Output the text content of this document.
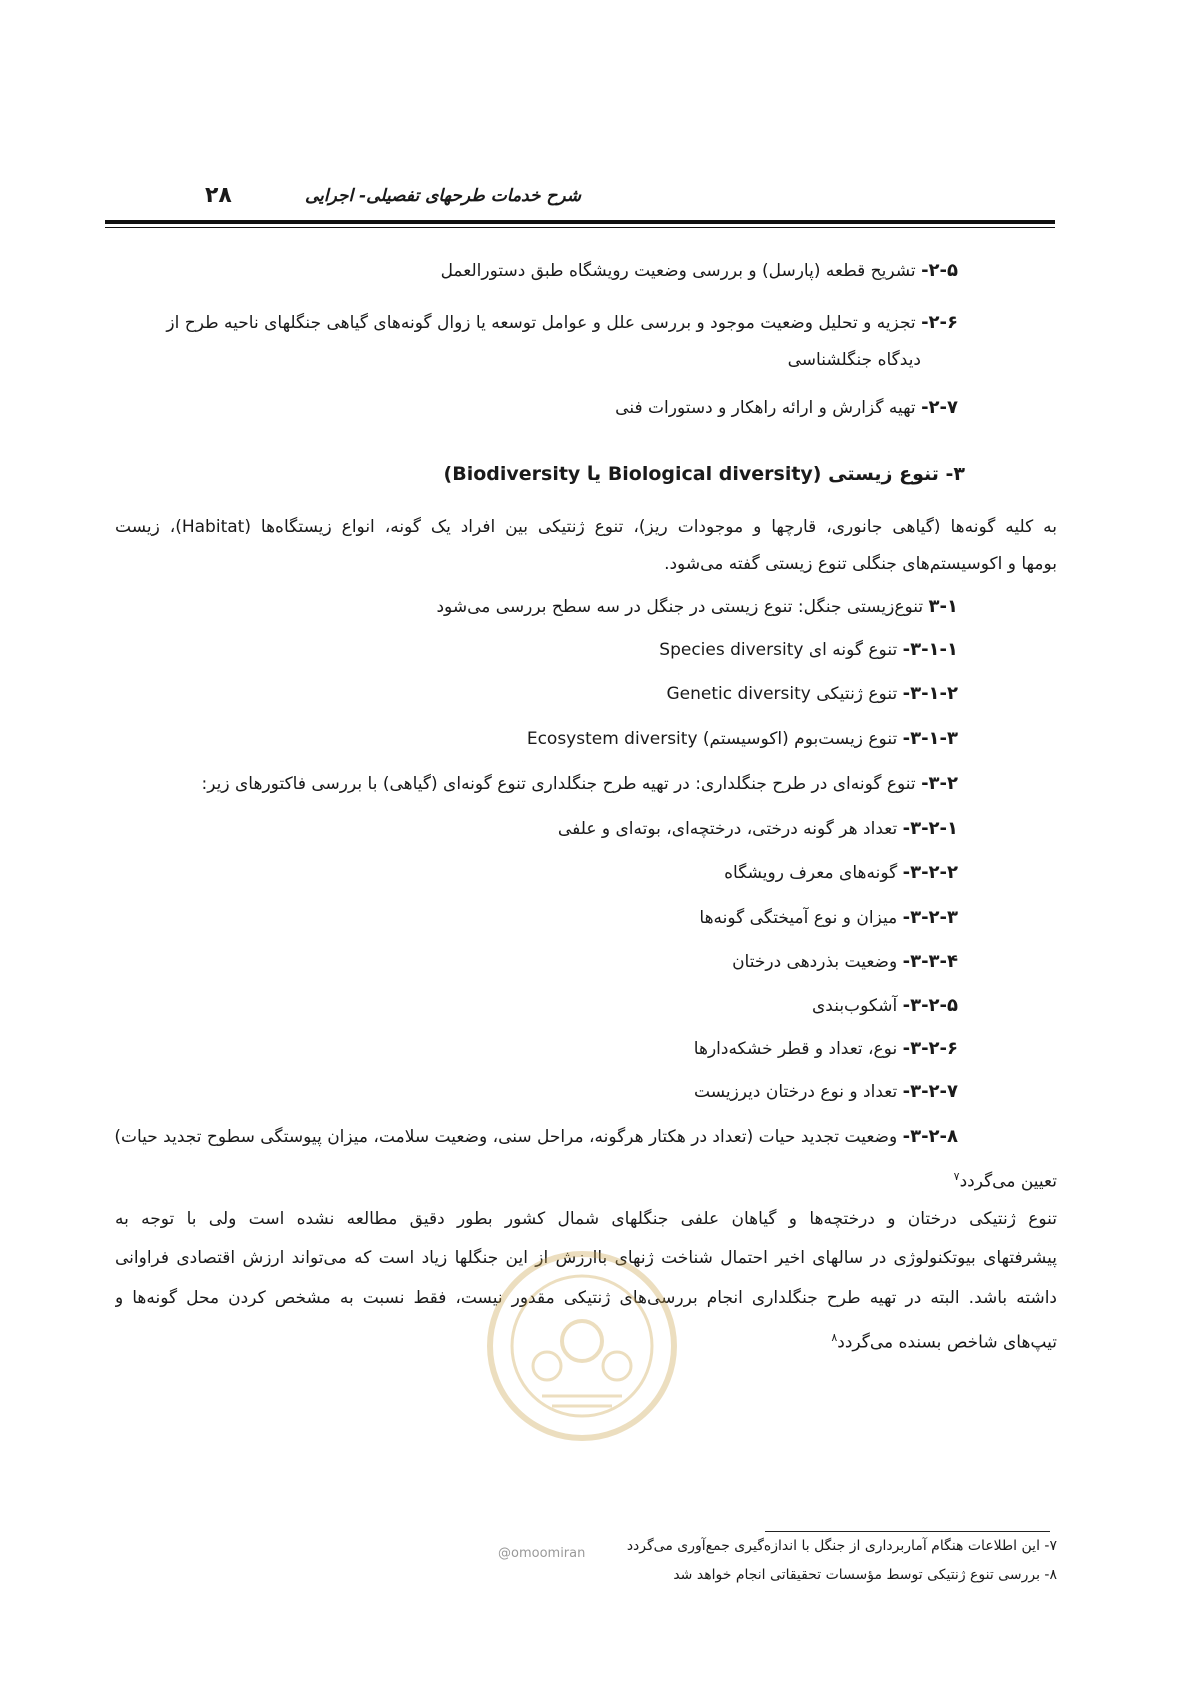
۲۸	شرح خدمات طرحهای تفصیلی- اجرایی
۲-۵- تشریح قطعه (پارسل) و بررسی وضعیت رویشگاه طبق دستورالعمل
۲-۶- تجزیه و تحلیل وضعیت موجود و بررسی علل و عوامل توسعه یا زوال گونه‌های گیاهی جنگلهای ناحیه طرح از
دیدگاه جنگلشناسی
۲-۷- تهیه گزارش و ارائه راهکار و دستورات فنی
۳- تنوع زیستی (Biological diversity یا Biodiversity)
به کلیه گونه‌ها (گیاهی جانوری، قارچها و موجودات ریز)، تنوع ژنتیکی بین افراد یک گونه، انواع زیستگاه‌ها (Habitat)، زیست
بومها و اکوسیستم‌های جنگلی تنوع زیستی گفته می‌شود.
۳-۱ تنوع‌زیستی جنگل: تنوع زیستی در جنگل در سه سطح بررسی می‌شود
۳-۱-۱- تنوع گونه ای Species diversity
۳-۱-۲- تنوع ژنتیکی Genetic diversity
۳-۱-۳- تنوع زیست‌بوم (اکوسیستم) Ecosystem diversity
۳-۲- تنوع گونه‌ای در طرح جنگلداری: در تهیه طرح جنگلداری تنوع گونه‌ای (گیاهی) با بررسی فاکتورهای زیر:
۳-۲-۱- تعداد هر گونه درختی، درختچه‌ای، بوته‌ای و علفی
۳-۲-۲- گونه‌های معرف رویشگاه
۳-۲-۳- میزان و نوع آمیختگی گونه‌ها
۳-۳-۴- وضعیت بذردهی درختان
۳-۲-۵- آشکوب‌بندی
۳-۲-۶- نوع، تعداد و قطر خشکه‌دارها
۳-۲-۷- تعداد و نوع درختان دیرزیست
۳-۲-۸- وضعیت تجدید حیات (تعداد در هکتار هرگونه، مراحل سنی، وضعیت سلامت، میزان پیوستگی سطوح تجدید حیات)
تعیین می‌گردد$^۷$
تنوع ژنتیکی درختان و درختچه‌ها و گیاهان علفی جنگلهای شمال کشور بطور دقیق مطالعه نشده است ولی با توجه به
پیشرفتهای بیوتکنولوژی در سالهای اخیر احتمال شناخت ژنهای باارزش از این جنگلها زیاد است که می‌تواند ارزش اقتصادی فراوانی
داشته باشد. البته در تهیه طرح جنگلداری انجام بررسی‌های ژنتیکی مقدور نیست، فقط نسبت به مشخص کردن محل گونه‌ها و
تیپ‌های شاخص بسنده می‌گردد$^۸$
۷- این اطلاعات هنگام آماربرداری از جنگل با اندازه‌گیری جمع‌آوری می‌گردد
۸- بررسی تنوع ژنتیکی توسط مؤسسات تحقیقاتی انجام خواهد شد
@omoomiran
